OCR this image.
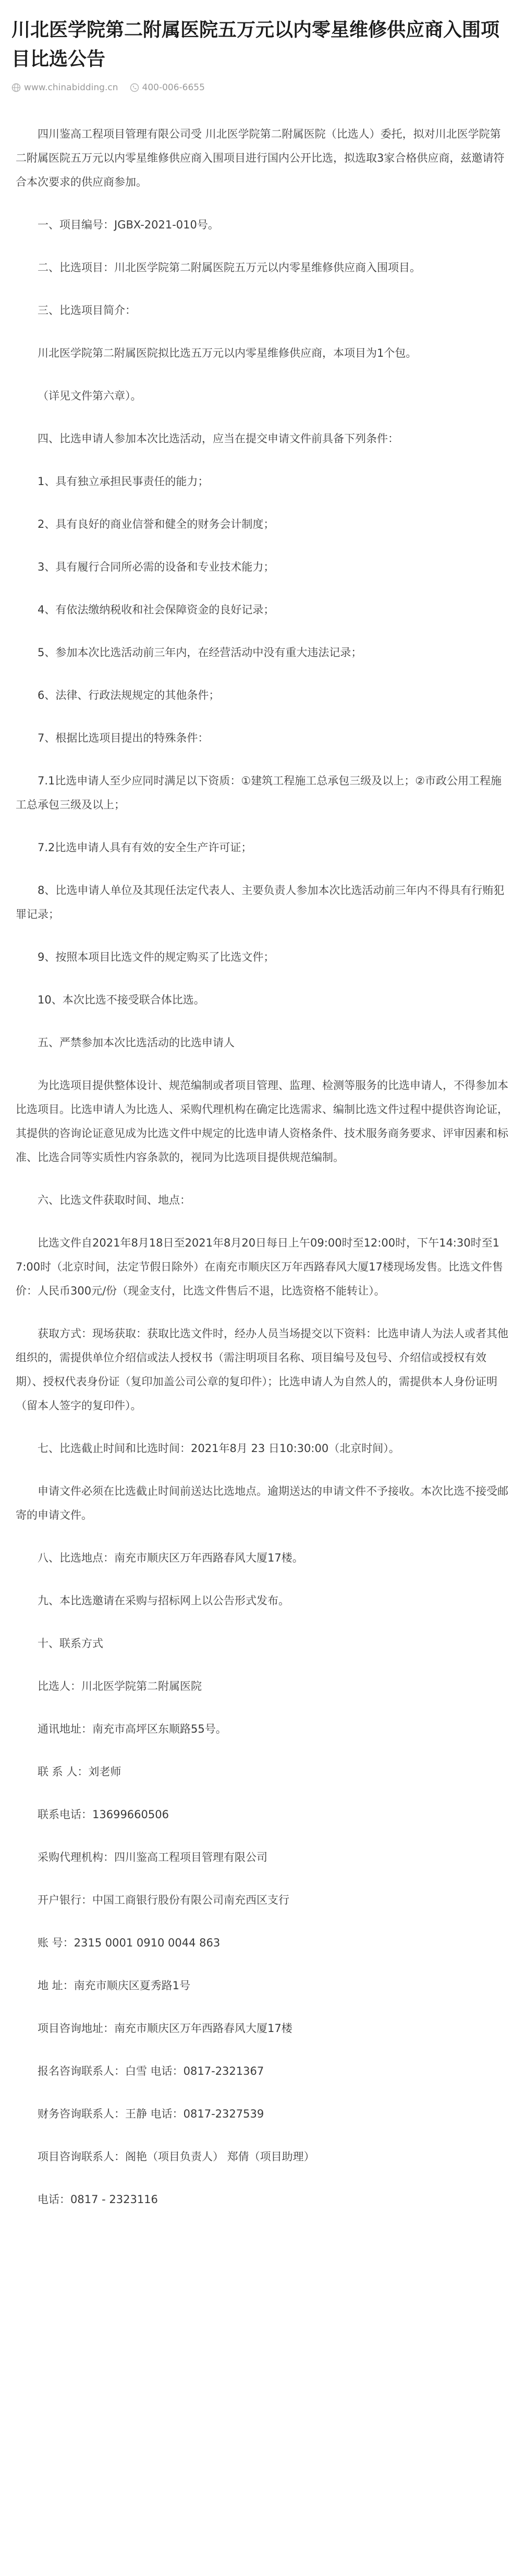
川北医学院第二附属医院五万元以内零星维修供应商入围项目比选公告
www.chinabidding.cn	400-006-6655

四川鉴高工程项目管理有限公司受 川北医学院第二附属医院（比选人）委托，拟对川北医学院第二附属医院五万元以内零星维修供应商入围项目进行国内公开比选，拟选取3家合格供应商，兹邀请符合本次要求的供应商参加。

一、项目编号：JGBX-2021-010号。

二、比选项目：川北医学院第二附属医院五万元以内零星维修供应商入围项目。

三、比选项目简介：

川北医学院第二附属医院拟比选五万元以内零星维修供应商，本项目为1个包。

（详见文件第六章）。

四、比选申请人参加本次比选活动，应当在提交申请文件前具备下列条件：

1、具有独立承担民事责任的能力；

2、具有良好的商业信誉和健全的财务会计制度；

3、具有履行合同所必需的设备和专业技术能力；

4、有依法缴纳税收和社会保障资金的良好记录；

5、参加本次比选活动前三年内，在经营活动中没有重大违法记录；

6、法律、行政法规规定的其他条件；

7、根据比选项目提出的特殊条件：

7.1比选申请人至少应同时满足以下资质：①建筑工程施工总承包三级及以上；②市政公用工程施工总承包三级及以上；

7.2比选申请人具有有效的安全生产许可证；

8、比选申请人单位及其现任法定代表人、主要负责人参加本次比选活动前三年内不得具有行贿犯罪记录；

9、按照本项目比选文件的规定购买了比选文件；

10、本次比选不接受联合体比选。

五、严禁参加本次比选活动的比选申请人

为比选项目提供整体设计、规范编制或者项目管理、监理、检测等服务的比选申请人，不得参加本比选项目。比选申请人为比选人、采购代理机构在确定比选需求、编制比选文件过程中提供咨询论证，其提供的咨询论证意见成为比选文件中规定的比选申请人资格条件、技术服务商务要求、评审因素和标准、比选合同等实质性内容条款的，视同为比选项目提供规范编制。

六、比选文件获取时间、地点：

比选文件自2021年8月18日至2021年8月20日每日上午09:00时至12:00时，下午14:30时至17:00时（北京时间，法定节假日除外）在南充市顺庆区万年西路春风大厦17楼现场发售。比选文件售价：人民币300元/份（现金支付，比选文件售后不退，比选资格不能转让）。

获取方式：现场获取：获取比选文件时，经办人员当场提交以下资料：比选申请人为法人或者其他组织的，需提供单位介绍信或法人授权书（需注明项目名称、项目编号及包号、介绍信或授权有效期）、授权代表身份证（复印加盖公司公章的复印件）；比选申请人为自然人的，需提供本人身份证明（留本人签字的复印件）。

七、比选截止时间和比选时间：2021年8月 23 日10:30:00（北京时间）。

申请文件必须在比选截止时间前送达比选地点。逾期送达的申请文件不予接收。本次比选不接受邮寄的申请文件。

八、比选地点：南充市顺庆区万年西路春风大厦17楼。

九、本比选邀请在采购与招标网上以公告形式发布。

十、联系方式

比选人：川北医学院第二附属医院

通讯地址：南充市高坪区东顺路55号。

联 系 人：刘老师

联系电话：13699660506

采购代理机构：四川鉴高工程项目管理有限公司

开户银行：中国工商银行股份有限公司南充西区支行

账 号：2315 0001 0910 0044 863

地 址：南充市顺庆区夏秀路1号

项目咨询地址：南充市顺庆区万年西路春风大厦17楼

报名咨询联系人：白雪 电话：0817-2321367

财务咨询联系人：王静 电话：0817-2327539

项目咨询联系人：阁艳（项目负责人） 郑倩（项目助理）

电话：0817 - 2323116
